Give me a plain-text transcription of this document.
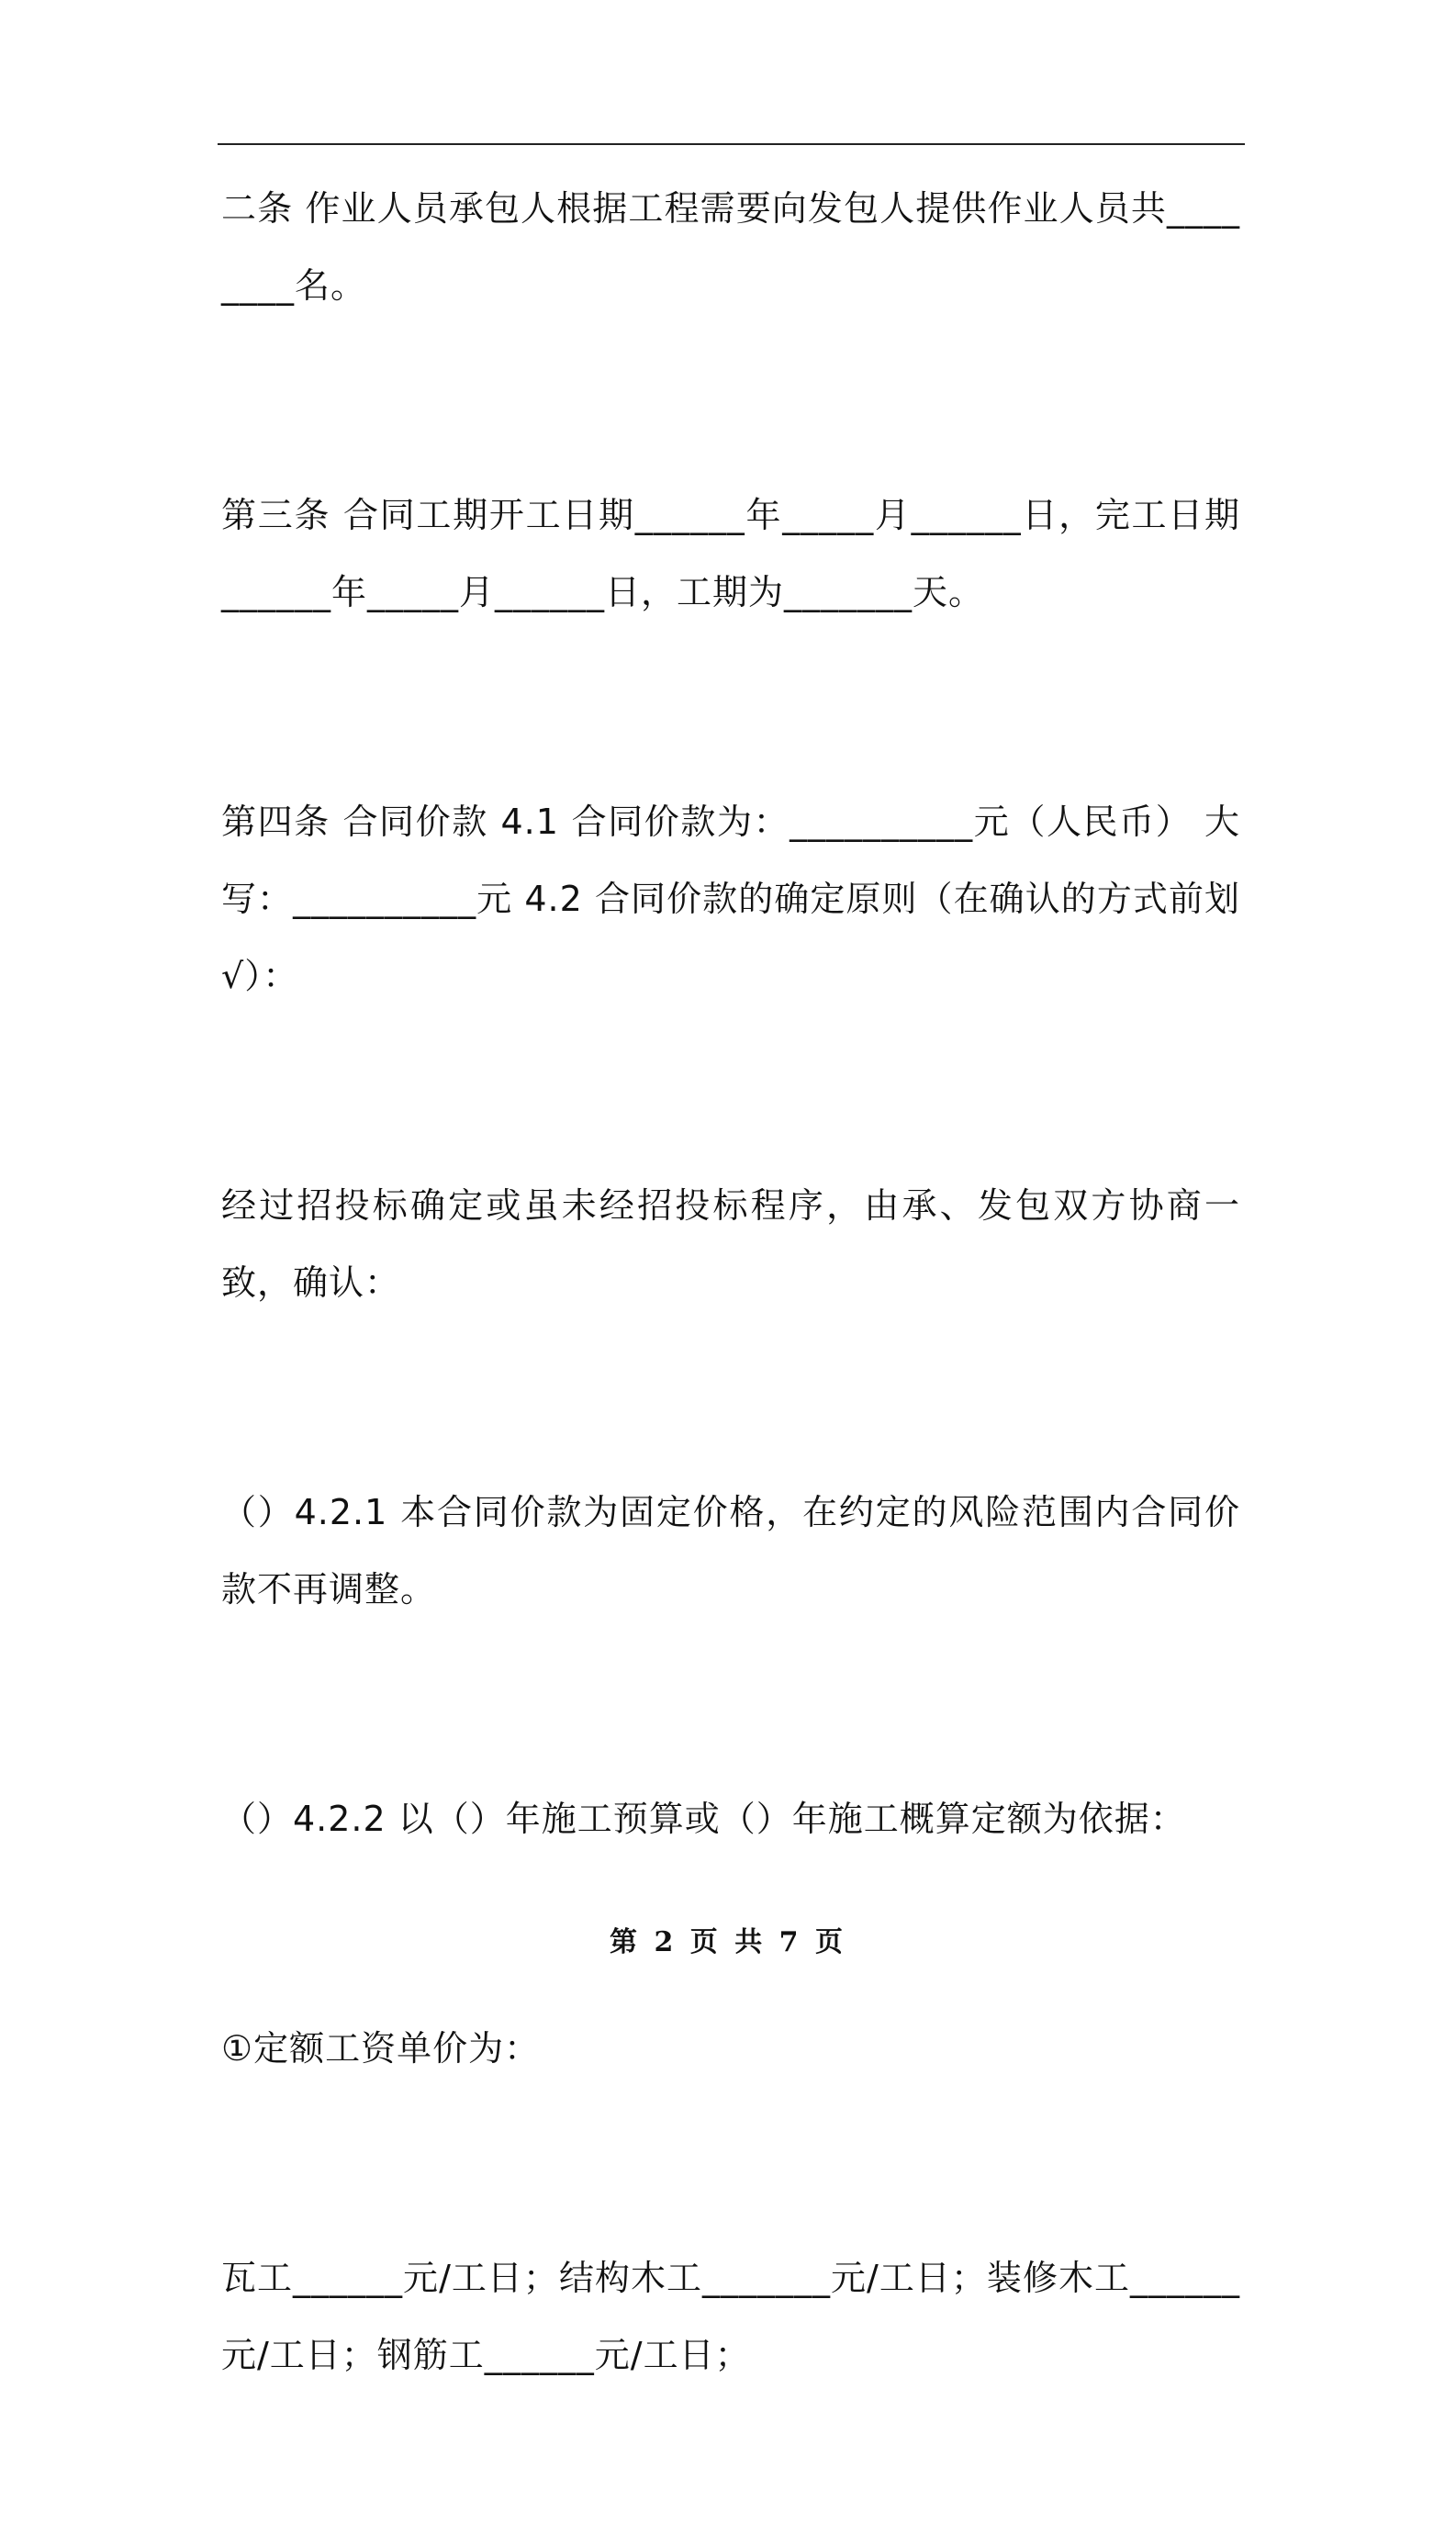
二条 作业人员承包人根据工程需要向发包人提供作业人员共________名。

第三条 合同工期开工日期______年_____月______日，完工日期______年_____月______日，工期为_______天。

第四条 合同价款 4.1 合同价款为：__________元（人民币） 大写：__________元 4.2 合同价款的确定原则（在确认的方式前划√）：

经过招投标确定或虽未经招投标程序，由承、发包双方协商一致，确认：

（）4.2.1 本合同价款为固定价格，在约定的风险范围内合同价款不再调整。

（）4.2.2 以（）年施工预算或（）年施工概算定额为依据：

①定额工资单价为：

瓦工______元/工日；结构木工_______元/工日；装修木工______元/工日；钢筋工______元/工日；

第 2 页 共 7 页
